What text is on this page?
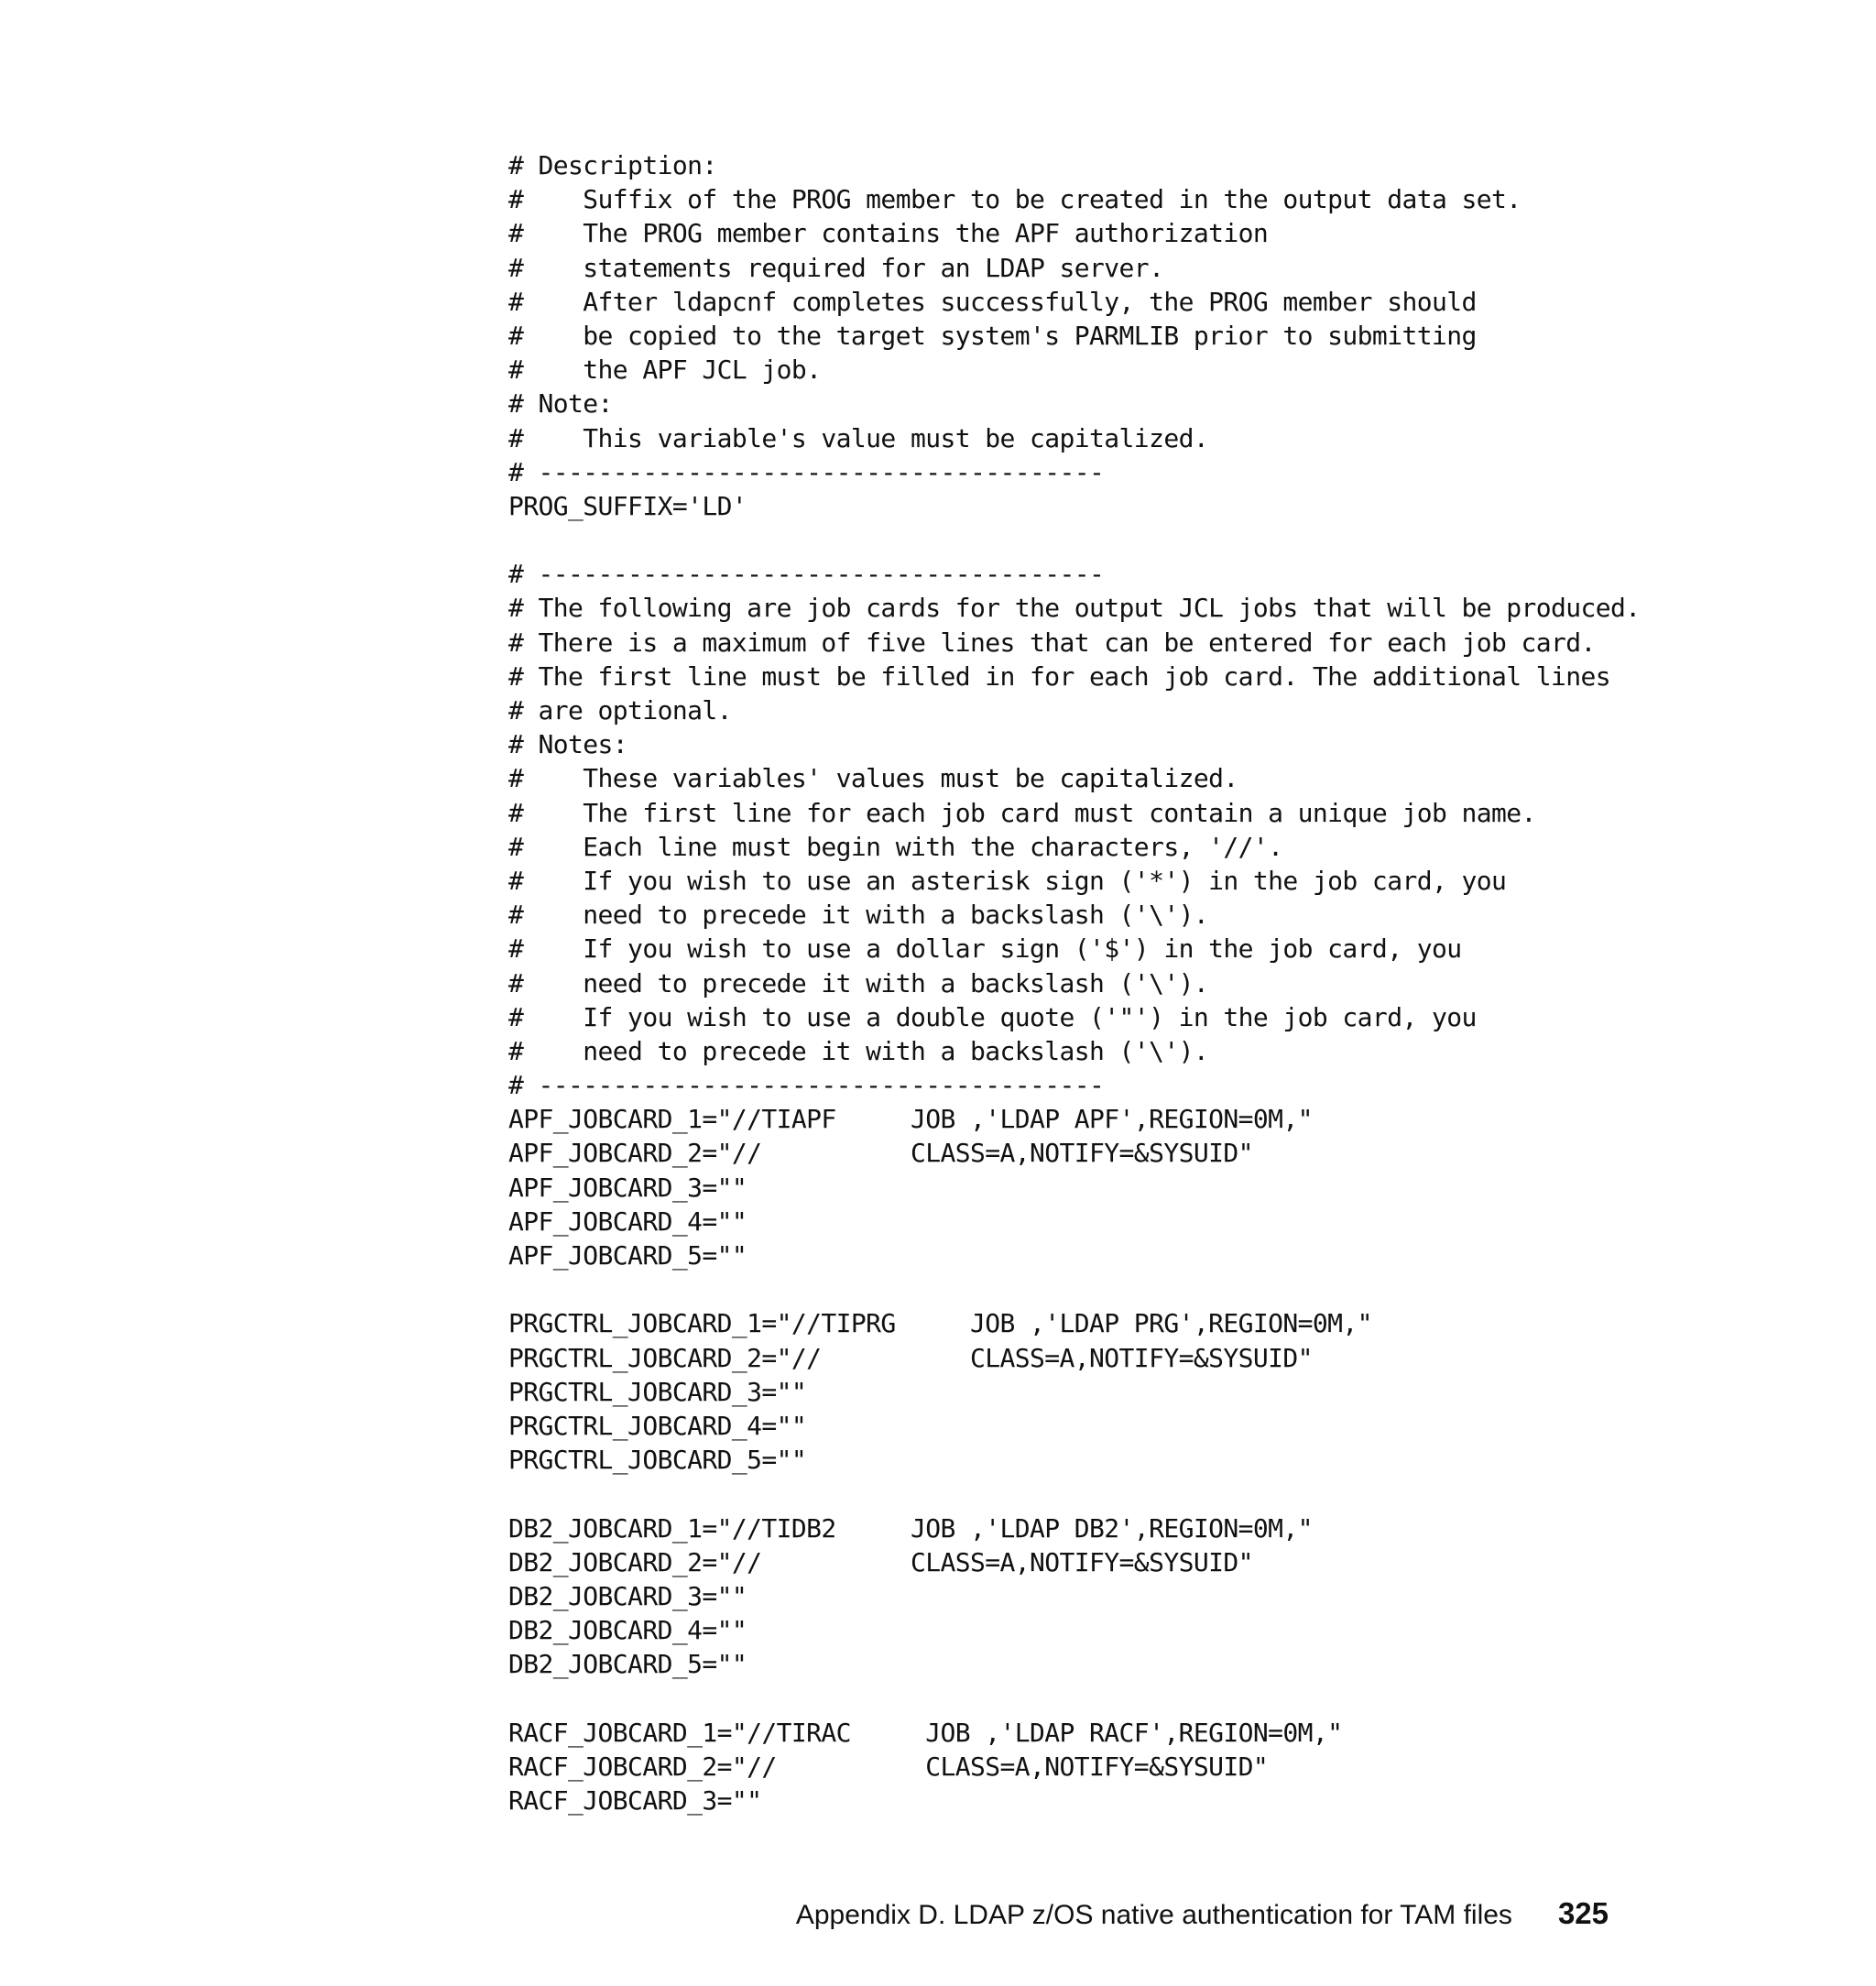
# Description:
#    Suffix of the PROG member to be created in the output data set.
#    The PROG member contains the APF authorization
#    statements required for an LDAP server.
#    After ldapcnf completes successfully, the PROG member should
#    be copied to the target system's PARMLIB prior to submitting
#    the APF JCL job.
# Note:
#    This variable's value must be capitalized.
# --------------------------------------
PROG_SUFFIX='LD'
# --------------------------------------
# The following are job cards for the output JCL jobs that will be produced.
# There is a maximum of five lines that can be entered for each job card.
# The first line must be filled in for each job card. The additional lines
# are optional.
# Notes:
#    These variables' values must be capitalized.
#    The first line for each job card must contain a unique job name.
#    Each line must begin with the characters, '//'.
#    If you wish to use an asterisk sign ('*') in the job card, you
#    need to precede it with a backslash ('\').
#    If you wish to use a dollar sign ('$') in the job card, you
#    need to precede it with a backslash ('\').
#    If you wish to use a double quote ('"') in the job card, you
#    need to precede it with a backslash ('\').
# --------------------------------------
APF_JOBCARD_1="//TIAPF     JOB ,'LDAP APF',REGION=0M,"
APF_JOBCARD_2="//          CLASS=A,NOTIFY=&SYSUID"
APF_JOBCARD_3=""
APF_JOBCARD_4=""
APF_JOBCARD_5=""
PRGCTRL_JOBCARD_1="//TIPRG     JOB ,'LDAP PRG',REGION=0M,"
PRGCTRL_JOBCARD_2="//          CLASS=A,NOTIFY=&SYSUID"
PRGCTRL_JOBCARD_3=""
PRGCTRL_JOBCARD_4=""
PRGCTRL_JOBCARD_5=""
DB2_JOBCARD_1="//TIDB2     JOB ,'LDAP DB2',REGION=0M,"
DB2_JOBCARD_2="//          CLASS=A,NOTIFY=&SYSUID"
DB2_JOBCARD_3=""
DB2_JOBCARD_4=""
DB2_JOBCARD_5=""
RACF_JOBCARD_1="//TIRAC     JOB ,'LDAP RACF',REGION=0M,"
RACF_JOBCARD_2="//          CLASS=A,NOTIFY=&SYSUID"
RACF_JOBCARD_3=""
Appendix D. LDAP z/OS native authentication for TAM files 325
